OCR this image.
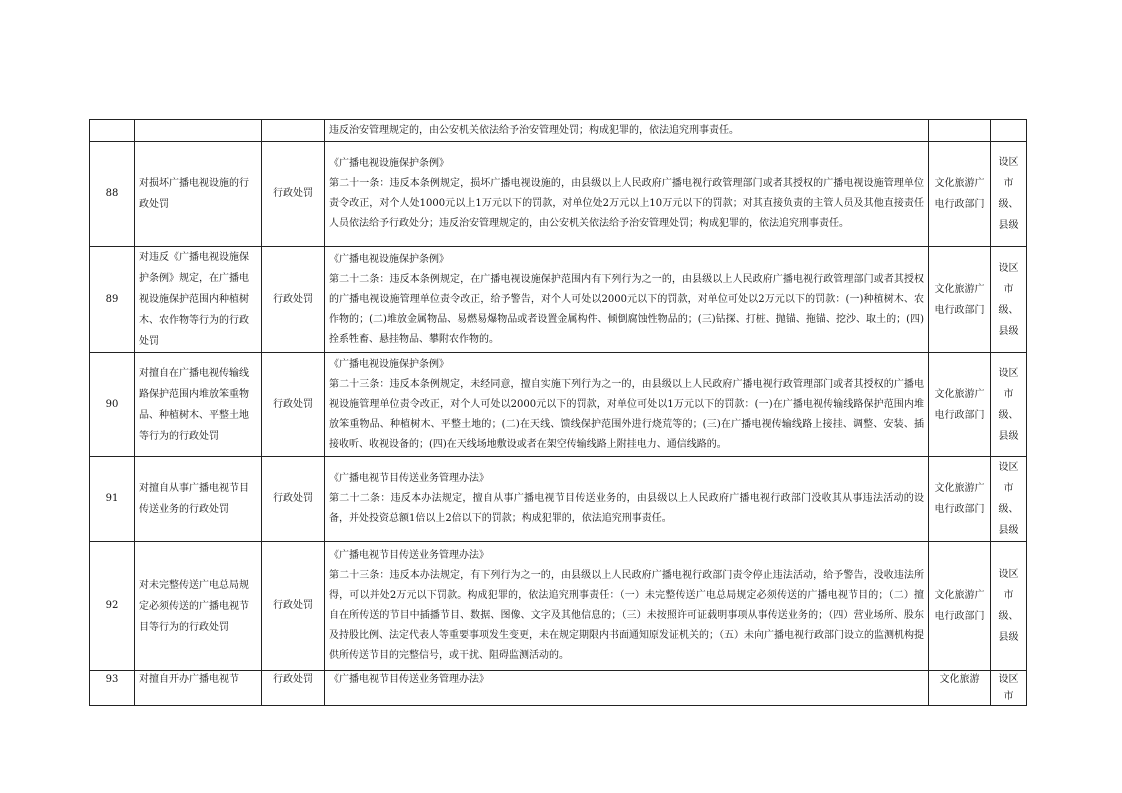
			违反治安管理规定的，由公安机关依法给予治安管理处罚；构成犯罪的，依法追究刑事责任。		

88	对损坏广播电视设施的行政处罚	行政处罚	《广播电视设施保护条例》
第二十一条：违反本条例规定，损坏广播电视设施的，由县级以上人民政府广播电视行政管理部门或者其授权的广播电视设施管理单位责令改正，对个人处1000元以上1万元以下的罚款，对单位处2万元以上10万元以下的罚款；对其直接负责的主管人员及其他直接责任人员依法给予行政处分；违反治安管理规定的，由公安机关依法给予治安管理处罚；构成犯罪的，依法追究刑事责任。	文化旅游广电行政部门	设区市级、县级
89	对违反《广播电视设施保护条例》规定，在广播电视设施保护范围内种植树木、农作物等行为的行政处罚	行政处罚	《广播电视设施保护条例》
第二十二条：违反本条例规定，在广播电视设施保护范围内有下列行为之一的，由县级以上人民政府广播电视行政管理部门或者其授权的广播电视设施管理单位责令改正，给予警告，对个人可处以2000元以下的罚款，对单位可处以2万元以下的罚款：(一)种植树木、农作物的；(二)堆放金属物品、易燃易爆物品或者设置金属构件、倾倒腐蚀性物品的；(三)钻探、打桩、抛锚、拖锚、挖沙、取土的；(四)拴系牲畜、悬挂物品、攀附农作物的。	文化旅游广电行政部门	设区市级、县级
90	对擅自在广播电视传输线路保护范围内堆放笨重物品、种植树木、平整土地等行为的行政处罚	行政处罚	《广播电视设施保护条例》
第二十三条：违反本条例规定，未经同意，擅自实施下列行为之一的，由县级以上人民政府广播电视行政管理部门或者其授权的广播电视设施管理单位责令改正，对个人可处以2000元以下的罚款，对单位可处以1万元以下的罚款：(一)在广播电视传输线路保护范围内堆放笨重物品、种植树木、平整土地的；(二)在天线、馈线保护范围外进行烧荒等的；(三)在广播电视传输线路上接挂、调整、安装、插接收听、收视设备的；(四)在天线场地敷设或者在架空传输线路上附挂电力、通信线路的。	文化旅游广电行政部门	设区市级、县级
91	对擅自从事广播电视节目传送业务的行政处罚	行政处罚	《广播电视节目传送业务管理办法》
第二十二条：违反本办法规定，擅自从事广播电视节目传送业务的，由县级以上人民政府广播电视行政部门没收其从事违法活动的设备，并处投资总额1倍以上2倍以下的罚款；构成犯罪的，依法追究刑事责任。	文化旅游广电行政部门	设区市级、县级
92	对未完整传送广电总局规定必须传送的广播电视节目等行为的行政处罚	行政处罚	《广播电视节目传送业务管理办法》
第二十三条：违反本办法规定，有下列行为之一的，由县级以上人民政府广播电视行政部门责令停止违法活动，给予警告，没收违法所得，可以并处2万元以下罚款。构成犯罪的，依法追究刑事责任：（一）未完整传送广电总局规定必须传送的广播电视节目的；（二）擅自在所传送的节目中插播节目、数据、图像、文字及其他信息的；（三）未按照许可证载明事项从事传送业务的；（四）营业场所、股东及持股比例、法定代表人等重要事项发生变更，未在规定期限内书面通知原发证机关的；（五）未向广播电视行政部门设立的监测机构提供所传送节目的完整信号，或干扰、阻碍监测活动的。	文化旅游广电行政部门	设区市级、县级
93	对擅自开办广播电视节	行政处罚	《广播电视节目传送业务管理办法》	文化旅游	设区市
